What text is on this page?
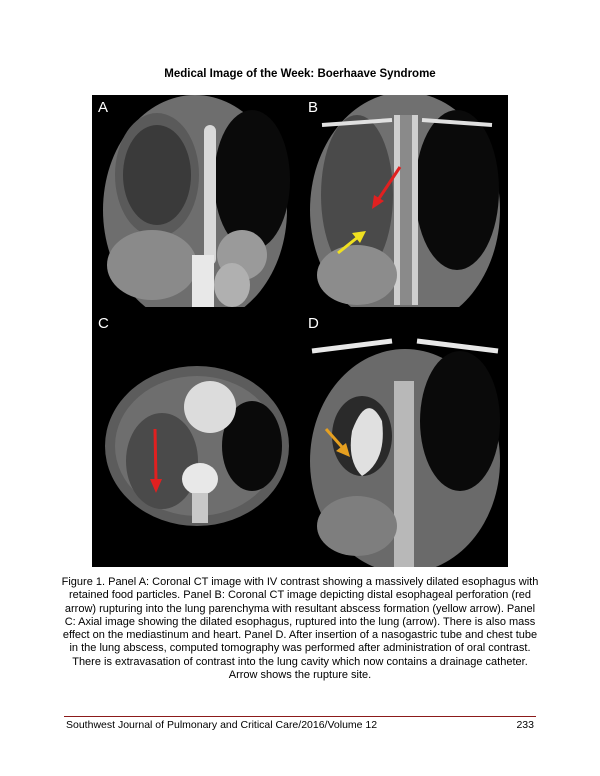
Medical Image of the Week: Boerhaave Syndrome
A	B
C	D
Figure 1. Panel A: Coronal CT image with IV contrast showing a massively dilated esophagus with retained food particles. Panel B: Coronal CT image depicting distal esophageal perforation (red arrow) rupturing into the lung parenchyma with resultant abscess formation (yellow arrow). Panel C: Axial image showing the dilated esophagus, ruptured into the lung (arrow). There is also mass effect on the mediastinum and heart. Panel D. After insertion of a nasogastric tube and chest tube in the lung abscess, computed tomography was performed after administration of oral contrast. There is extravasation of contrast into the lung cavity which now contains a drainage catheter. Arrow shows the rupture site.
Southwest Journal of Pulmonary and Critical Care/2016/Volume 12	233
